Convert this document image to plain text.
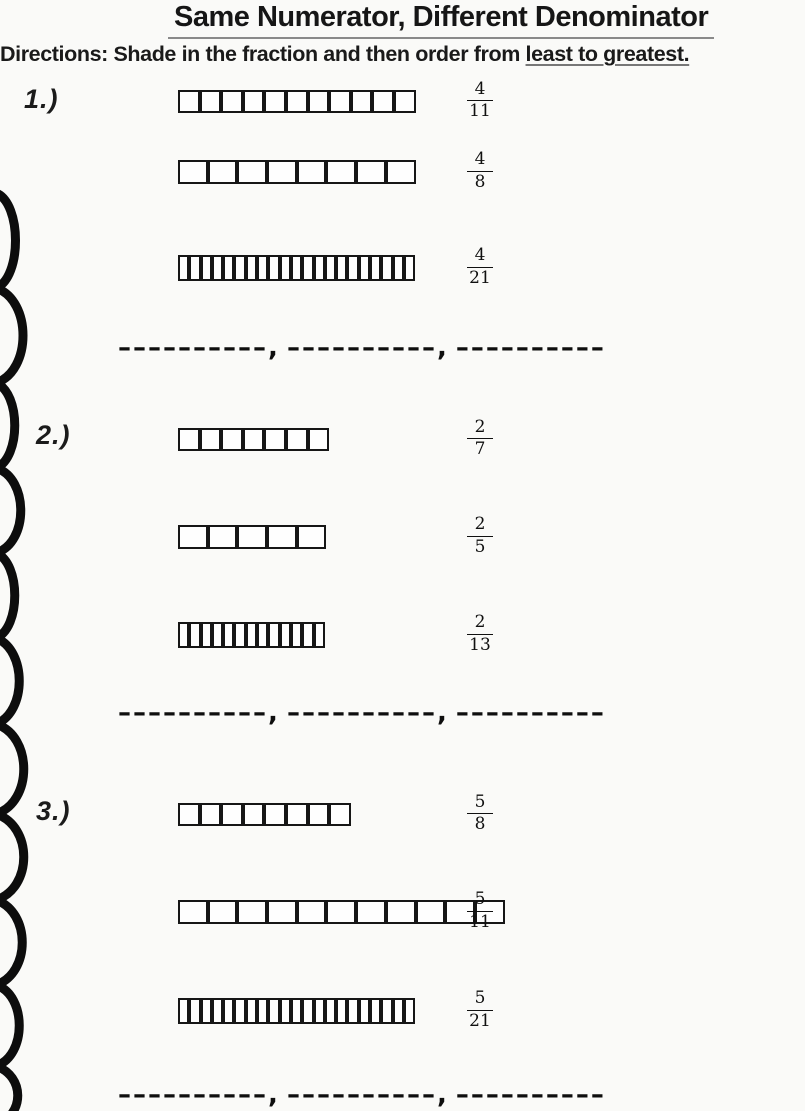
Same Numerator, Different Denominator
Directions: Shade in the fraction and then order from least to greatest.
1.)	4
11
4
8
4
21
––––––––––, ––––––––––, ––––––––––
2.)	2
7
2
5
2
13
––––––––––, ––––––––––, ––––––––––
3.)	5
8
5
11
5
21
––––––––––, ––––––––––, ––––––––––
